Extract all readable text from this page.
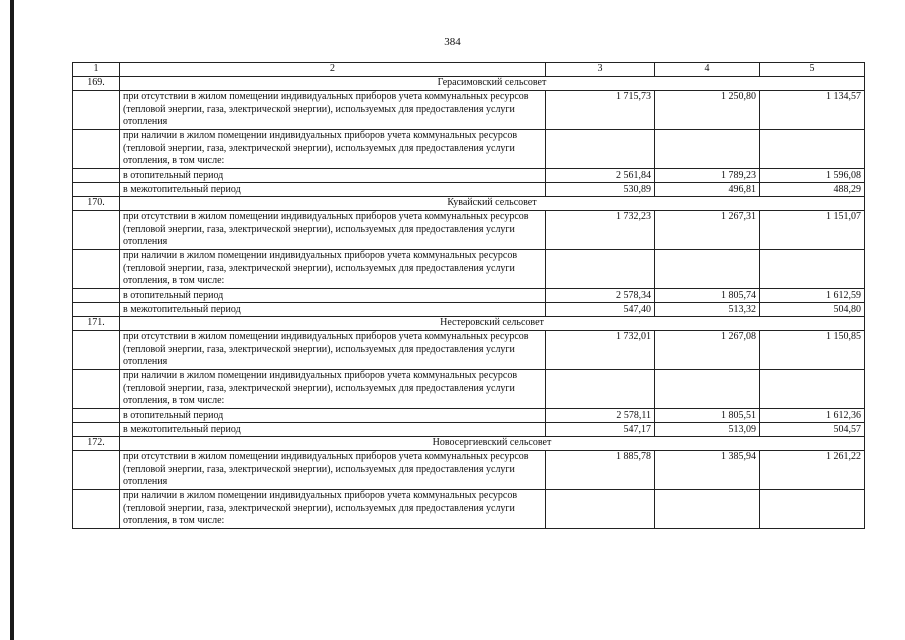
384
1	2	3	4	5
169.	Герасимовский сельсовет			
	при отсутствии в жилом помещении индивидуальных приборов учета коммунальных ресурсов (тепловой энергии, газа, электрической энергии), используемых для предоставления услуги отопления	1 715,73	1 250,80	1 134,57
	при наличии в жилом помещении индивидуальных приборов учета коммунальных ресурсов (тепловой энергии, газа, электрической энергии), используемых для предоставления услуги отопления, в том числе:			
	в отопительный период	2 561,84	1 789,23	1 596,08
	в межотопительный период	530,89	496,81	488,29
170.	Кувайский сельсовет			
	при отсутствии в жилом помещении индивидуальных приборов учета коммунальных ресурсов (тепловой энергии, газа, электрической энергии), используемых для предоставления услуги отопления	1 732,23	1 267,31	1 151,07
	при наличии в жилом помещении индивидуальных приборов учета коммунальных ресурсов (тепловой энергии, газа, электрической энергии), используемых для предоставления услуги отопления, в том числе:			
	в отопительный период	2 578,34	1 805,74	1 612,59
	в межотопительный период	547,40	513,32	504,80
171.	Нестеровский сельсовет			
	при отсутствии в жилом помещении индивидуальных приборов учета коммунальных ресурсов (тепловой энергии, газа, электрической энергии), используемых для предоставления услуги отопления	1 732,01	1 267,08	1 150,85
	при наличии в жилом помещении индивидуальных приборов учета коммунальных ресурсов (тепловой энергии, газа, электрической энергии), используемых для предоставления услуги отопления, в том числе:			
	в отопительный период	2 578,11	1 805,51	1 612,36
	в межотопительный период	547,17	513,09	504,57
172.	Новосергиевский сельсовет			
	при отсутствии в жилом помещении индивидуальных приборов учета коммунальных ресурсов (тепловой энергии, газа, электрической энергии), используемых для предоставления услуги отопления	1 885,78	1 385,94	1 261,22
	при наличии в жилом помещении индивидуальных приборов учета коммунальных ресурсов (тепловой энергии, газа, электрической энергии), используемых для предоставления услуги отопления, в том числе:			
